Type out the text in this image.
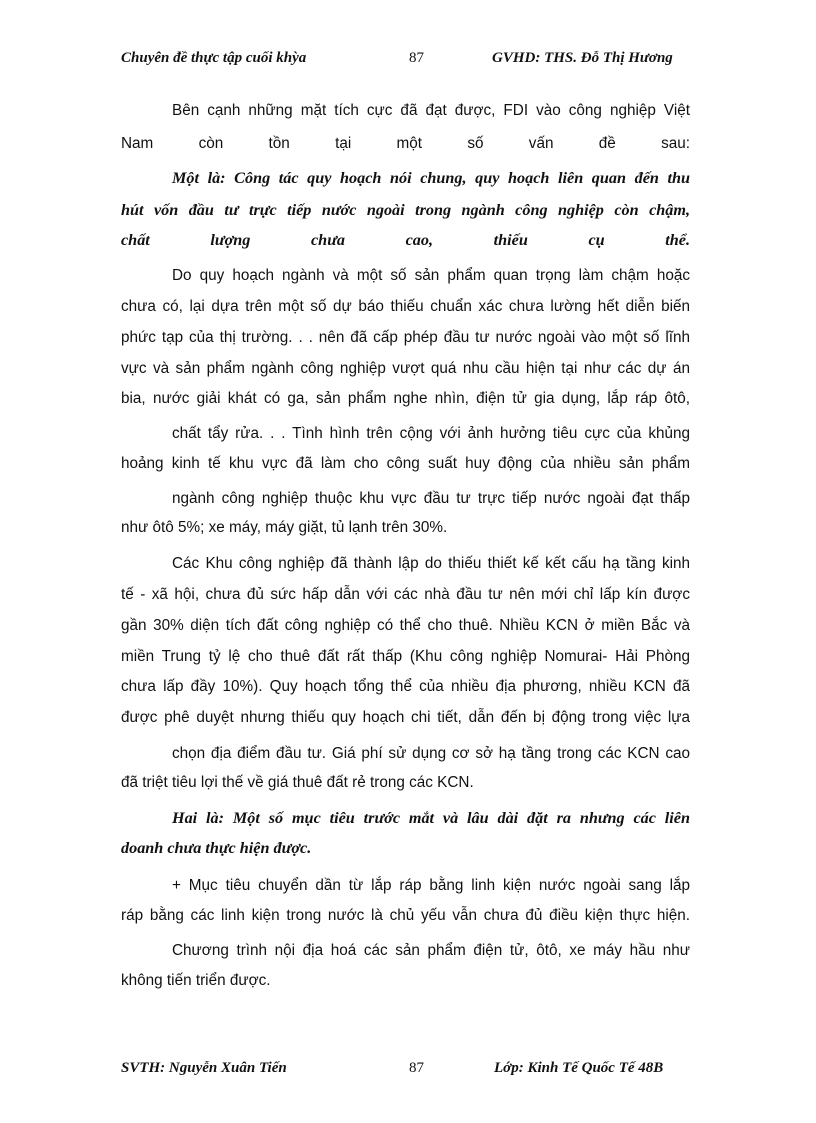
Chuyên đề thực tập cuối khỳa	87	GVHD: THS. Đỗ Thị Hương
Bên cạnh những mặt tích cực đã đạt được, FDI vào công nghiệp Việt
Nam còn tồn tại một số vấn đề sau:
Một là: Công tác quy hoạch nói chung, quy hoạch liên quan đến thu
hút vốn đầu tư trực tiếp nước ngoài trong ngành công nghiệp còn chậm,
chất lượng chưa cao, thiếu cụ thể.
Do quy hoạch ngành và một số sản phẩm quan trọng làm chậm hoặc
chưa có, lại dựa trên một số dự báo thiếu chuẩn xác chưa lường hết diễn biến
phức tạp của thị trường. . . nên đã cấp phép đầu tư nước ngoài vào một số lĩnh
vực và sản phẩm ngành công nghiệp vượt quá nhu cầu hiện tại như các dự án
bia, nước giải khát có ga, sản phẩm nghe nhìn, điện tử gia dụng, lắp ráp ôtô,
chất tẩy rửa. . . Tình hình trên cộng với ảnh hưởng tiêu cực của khủng
hoảng kinh tế khu vực đã làm cho công suất huy động của nhiều sản phẩm
ngành công nghiệp thuộc khu vực đầu tư trực tiếp nước ngoài đạt thấp
như ôtô 5%; xe máy, máy giặt, tủ lạnh trên 30%.
Các Khu công nghiệp đã thành lập do thiếu thiết kế kết cấu hạ tầng kinh
tế - xã hội, chưa đủ sức hấp dẫn với các nhà đầu tư nên mới chỉ lấp kín được
gần 30% diện tích đất công nghiệp có thể cho thuê. Nhiều KCN ở miền Bắc và
miền Trung tỷ lệ cho thuê đất rất thấp (Khu công nghiệp Nomurai- Hải Phòng
chưa lấp đầy 10%). Quy hoạch tổng thể của nhiều địa phương, nhiều KCN đã
được phê duyệt nhưng thiếu quy hoạch chi tiết, dẫn đến bị động trong việc lựa
chọn địa điểm đầu tư. Giá phí sử dụng cơ sở hạ tầng trong các KCN cao
đã triệt tiêu lợi thế về giá thuê đất rẻ trong các KCN.
Hai là: Một số mục tiêu trước mắt và lâu dài đặt ra nhưng các liên
doanh chưa thực hiện được.
+ Mục tiêu chuyển dần từ lắp ráp bằng linh kiện nước ngoài sang lắp
ráp bằng các linh kiện trong nước là chủ yếu vẫn chưa đủ điều kiện thực hiện.
Chương trình nội địa hoá các sản phẩm điện tử, ôtô, xe máy hầu như
không tiến triển được.
SVTH: Nguyễn Xuân Tiến	87	Lớp: Kinh Tế Quốc Tế 48B
